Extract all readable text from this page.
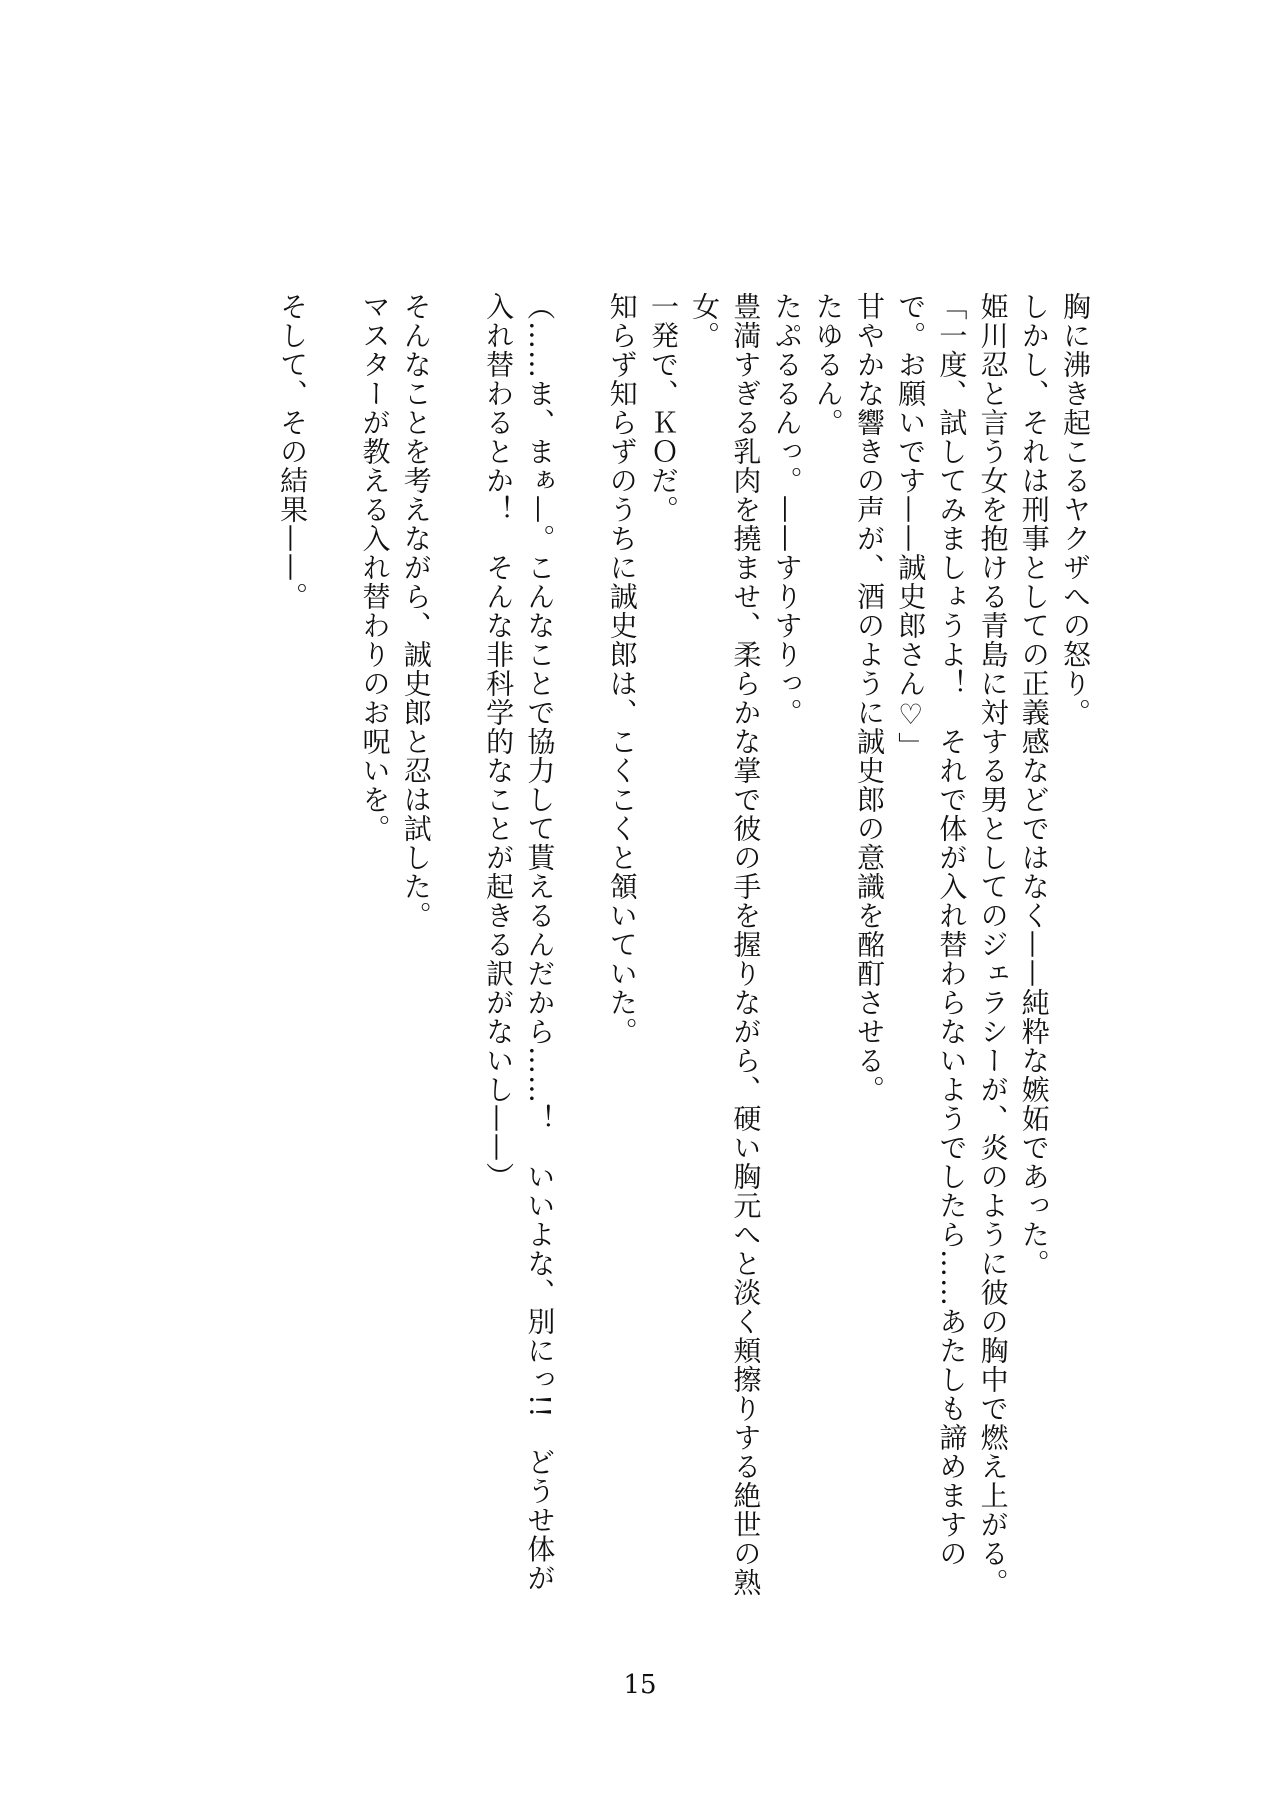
胸に沸き起こるヤクザへの怒り。

しかし、それは刑事としての正義感などではなく——純粋な嫉妬であった。

姫川忍と言う女を抱ける青島に対する男としてのジェラシーが、炎のように彼の胸中で燃え上がる。

「一度、試してみましょうよ！　それで体が入れ替わらないようでしたら……あたしも諦めますので。お願いです——誠史郎さん♡」

甘やかな響きの声が、酒のように誠史郎の意識を酩酊させる。

たゆるん。

たぷるるんっ。——すりすりっ。

豊満すぎる乳肉を撓ませ、柔らかな掌で彼の手を握りながら、硬い胸元へと淡く頬擦りする絶世の熟女。

一発で、ＫＯだ。

知らず知らずのうちに誠史郎は、こくこくと頷いていた。

（……ま、まぁ—。こんなことで協力して貰えるんだから……！　いいよな、別にっ!!　どうせ体が入れ替わるとか！　そんな非科学的なことが起きる訳がないし——）

そんなことを考えながら、誠史郎と忍は試した。

マスターが教える入れ替わりのお呪いを。

そして、その結果——。

15
